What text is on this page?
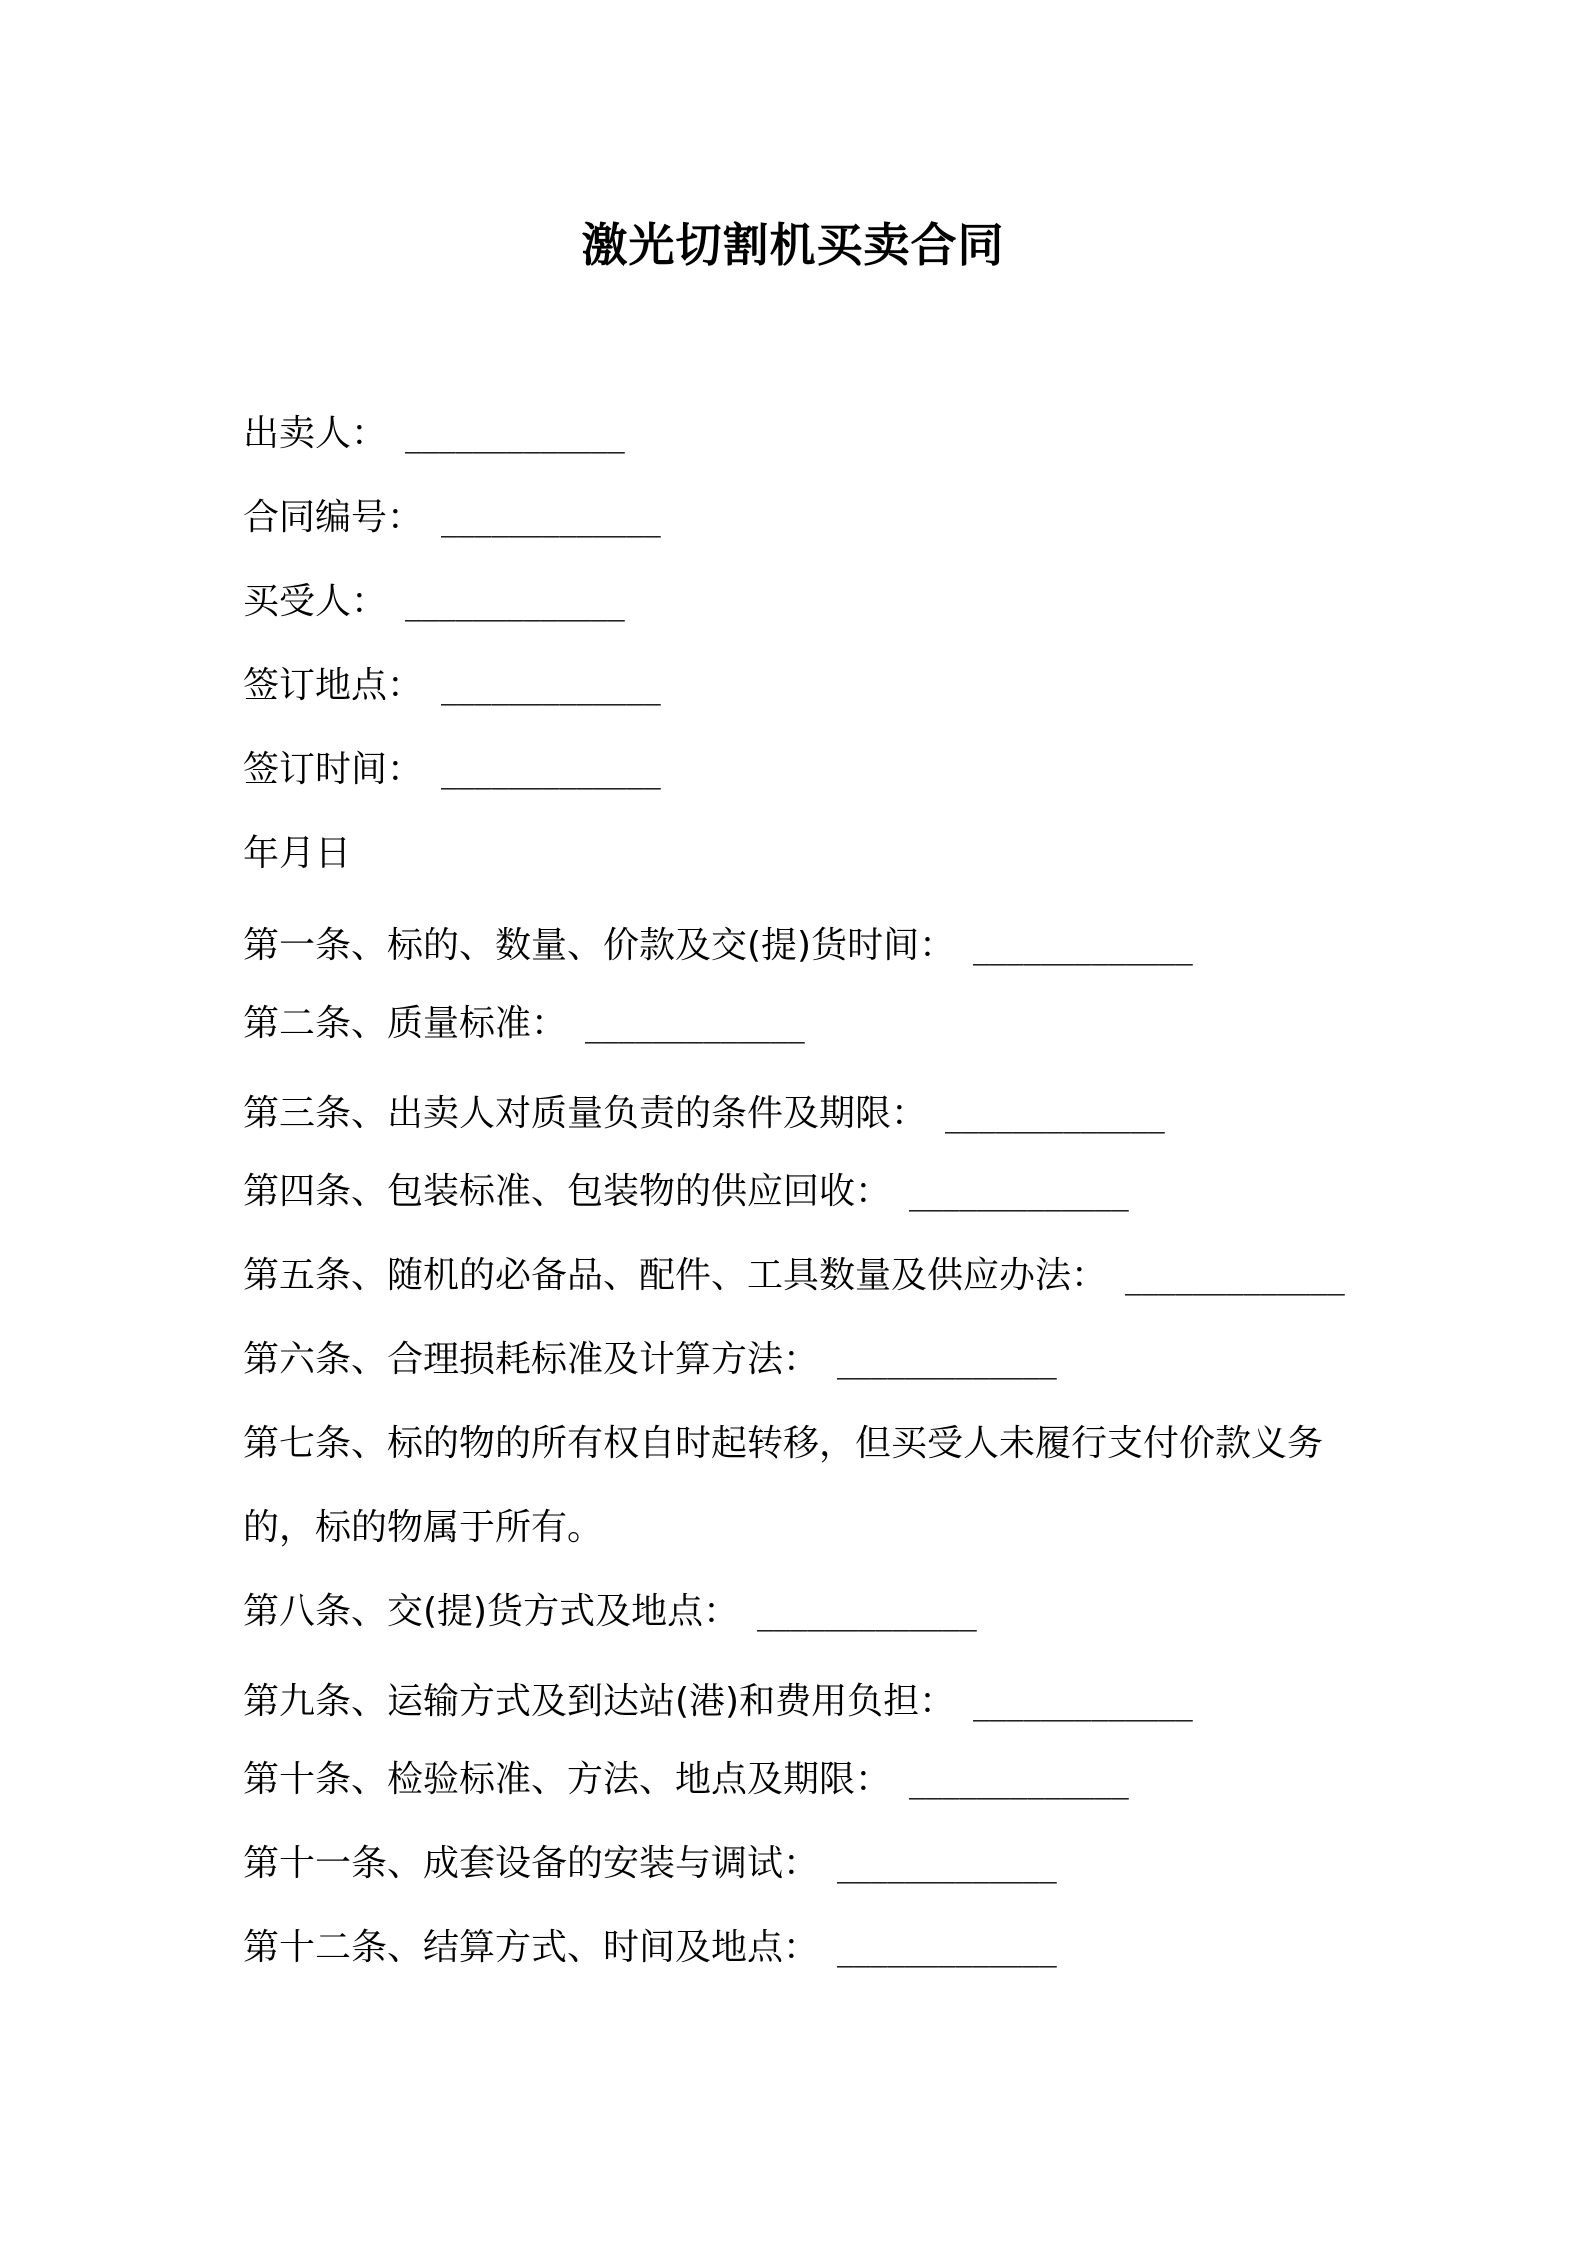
激光切割机买卖合同
出卖人： _____________
合同编号： _____________
买受人： _____________
签订地点： _____________
签订时间： _____________
年月日
第一条、标的、数量、价款及交(提)货时间： _____________
第二条、质量标准： _____________
第三条、出卖人对质量负责的条件及期限： _____________
第四条、包装标准、包装物的供应回收： _____________
第五条、随机的必备品、配件、工具数量及供应办法： _____________
第六条、合理损耗标准及计算方法： _____________
第七条、标的物的所有权自时起转移，但买受人未履行支付价款义务
的，标的物属于所有。
第八条、交(提)货方式及地点： _____________
第九条、运输方式及到达站(港)和费用负担： _____________
第十条、检验标准、方法、地点及期限： _____________
第十一条、成套设备的安装与调试： _____________
第十二条、结算方式、时间及地点： _____________
